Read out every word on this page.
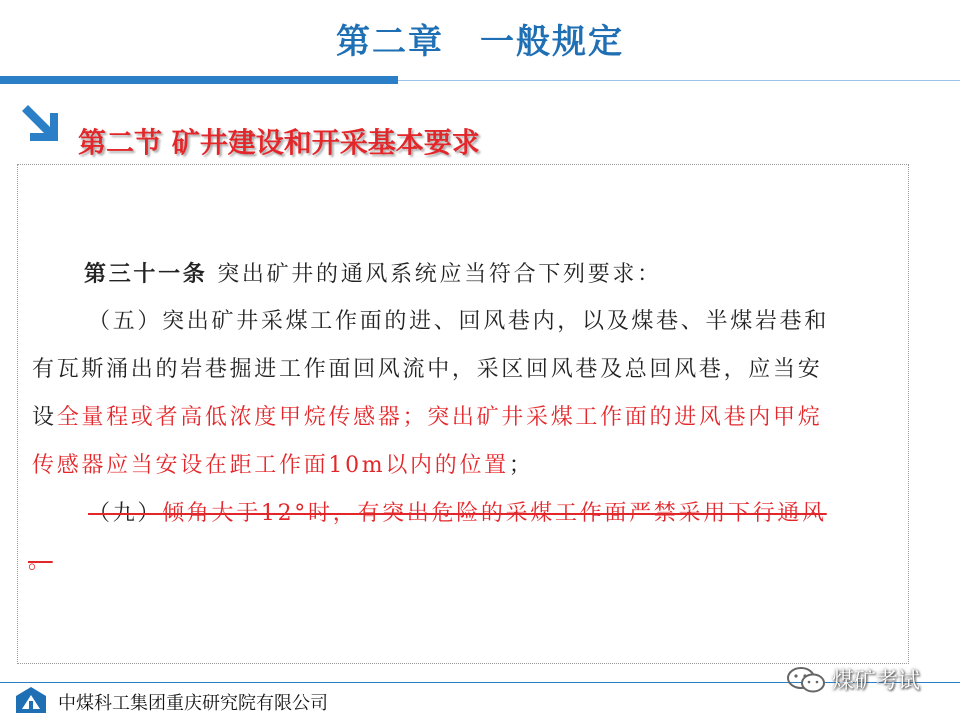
第二章　一般规定
第二节 矿井建设和开采基本要求
第三十一条 突出矿井的通风系统应当符合下列要求：
（五）突出矿井采煤工作面的进、回风巷内，以及煤巷、半煤岩巷和
有瓦斯涌出的岩巷掘进工作面回风流中，采区回风巷及总回风巷，应当安
设全量程或者高低浓度甲烷传感器；突出矿井采煤工作面的进风巷内甲烷
传感器应当安设在距工作面10m以内的位置；
（九）倾角大于12°时，有突出危险的采煤工作面严禁采用下行通风
。
中煤科工集团重庆研究院有限公司
煤矿考试
